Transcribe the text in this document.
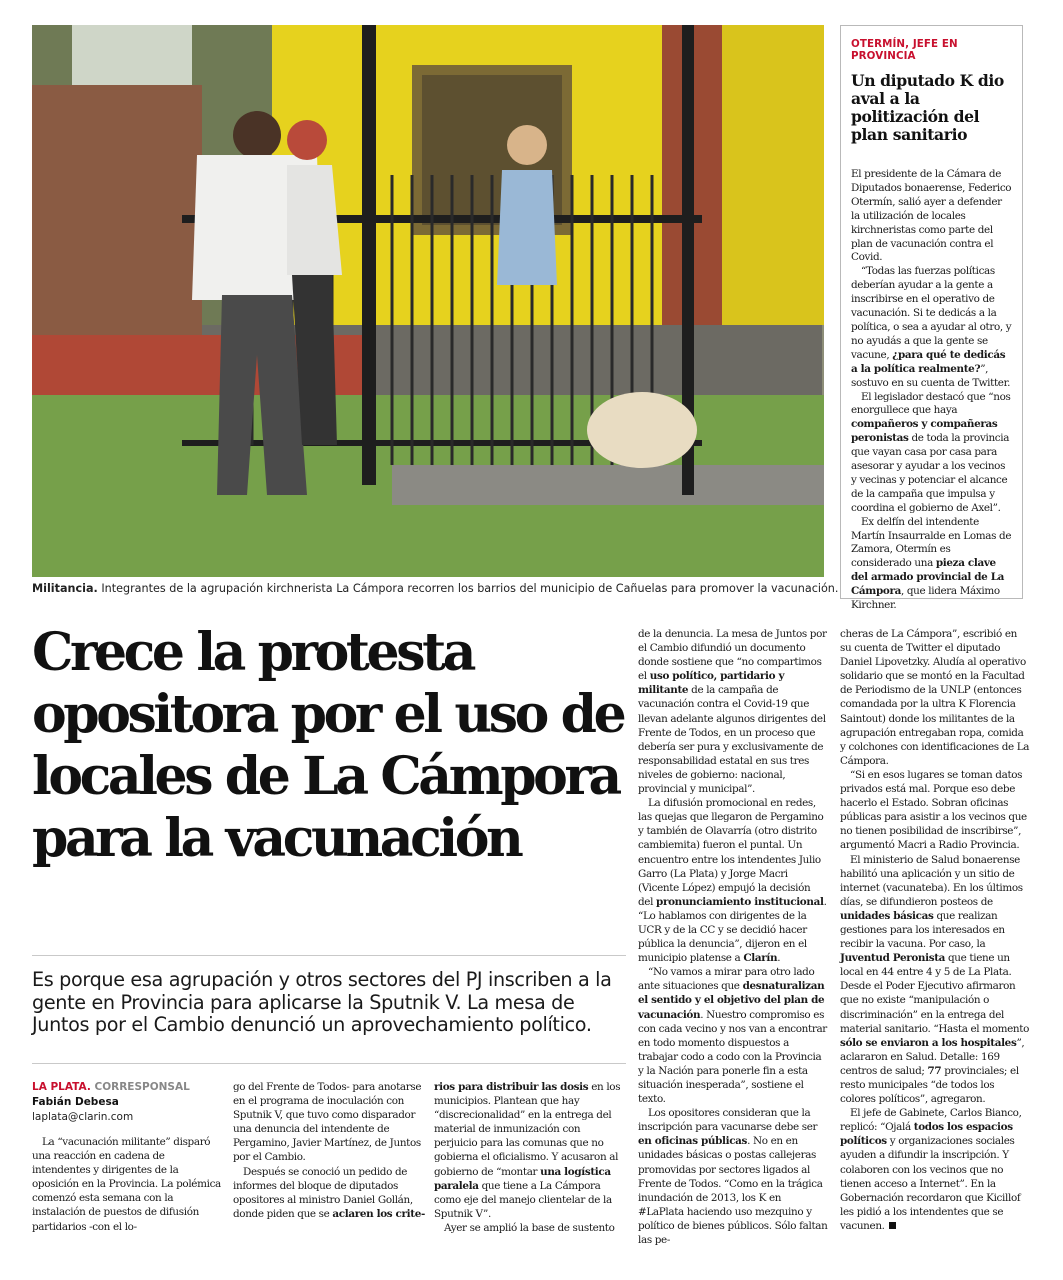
Militancia. Integrantes de la agrupación kirchnerista La Cámpora recorren los barrios del municipio de Cañuelas para promover la vacunación.
OTERMÍN, JEFE EN PROVINCIA
Un diputado K dio aval a la politización del plan sanitario

El presidente de la Cámara de Diputados bonaerense, Federico Otermín, salió ayer a defender la utilización de locales kirchneristas como parte del plan de vacunación contra el Covid.

“Todas las fuerzas políticas deberían ayudar a la gente a inscribirse en el operativo de vacunación. Si te dedicás a la política, o sea a ayudar al otro, y no ayudás a que la gente se vacune, ¿para qué te dedicás a la política realmente?”, sostuvo en su cuenta de Twitter.

El legislador destacó que “nos enorgullece que haya compañeros y compañeras peronistas de toda la provincia que vayan casa por casa para asesorar y ayudar a los vecinos y vecinas y potenciar el alcance de la campaña que impulsa y coordina el gobierno de Axel”.

Ex delfín del intendente Martín Insaurralde en Lomas de Zamora, Otermín es considerado una pieza clave del armado provincial de La Cámpora, que lidera Máximo Kirchner.

Crece la protesta
opositora por el uso de
locales de La Cámpora
para la vacunación
Es porque esa agrupación y otros sectores del PJ inscriben a la gente en Provincia para aplicarse la Sputnik V. La mesa de Juntos por el Cambio denunció un aprovechamiento político.
LA PLATA. CORRESPONSAL
Fabián Debesa
laplata@clarin.com

La “vacunación militante” disparó una reacción en cadena de intendentes y dirigentes de la oposición en la Provincia. La polémica comenzó esta semana con la instalación de puestos de difusión partidarios -con el lo-

go del Frente de Todos- para anotarse en el programa de inoculación con Sputnik V, que tuvo como disparador una denuncia del intendente de Pergamino, Javier Martínez, de Juntos por el Cambio.

Después se conoció un pedido de informes del bloque de diputados opositores al ministro Daniel Gollán, donde piden que se aclaren los crite-

rios para distribuir las dosis en los municipios. Plantean que hay “discrecionalidad” en la entrega del material de inmunización con perjuicio para las comunas que no gobierna el oficialismo. Y acusaron al gobierno de “montar una logística paralela que tiene a La Cámpora como eje del manejo clientelar de la Sputnik V”.

Ayer se amplió la base de sustento

de la denuncia. La mesa de Juntos por el Cambio difundió un documento donde sostiene que “no compartimos el uso político, partidario y militante de la campaña de vacunación contra el Covid-19 que llevan adelante algunos dirigentes del Frente de Todos, en un proceso que debería ser pura y exclusivamente de responsabilidad estatal en sus tres niveles de gobierno: nacional, provincial y municipal”.

La difusión promocional en redes, las quejas que llegaron de Pergamino y también de Olavarría (otro distrito cambiemita) fueron el puntal. Un encuentro entre los intendentes Julio Garro (La Plata) y Jorge Macri (Vicente López) empujó la decisión del pronunciamiento institucional. “Lo hablamos con dirigentes de la UCR y de la CC y se decidió hacer pública la denuncia”, dijeron en el municipio platense a Clarín.

“No vamos a mirar para otro lado ante situaciones que desnaturalizan el sentido y el objetivo del plan de vacunación. Nuestro compromiso es con cada vecino y nos van a encontrar en todo momento dispuestos a trabajar codo a codo con la Provincia y la Nación para ponerle fin a esta situación inesperada”, sostiene el texto.

Los opositores consideran que la inscripción para vacunarse debe ser en oficinas públicas. No en en unidades básicas o postas callejeras promovidas por sectores ligados al Frente de Todos. “Como en la trágica inundación de 2013, los K en #LaPlata haciendo uso mezquino y político de bienes públicos. Sólo faltan las pe-

cheras de La Cámpora”, escribió en su cuenta de Twitter el diputado Daniel Lipovetzky. Aludía al operativo solidario que se montó en la Facultad de Periodismo de la UNLP (entonces comandada por la ultra K Florencia Saintout) donde los militantes de la agrupación entregaban ropa, comida y colchones con identificaciones de La Cámpora.

“Si en esos lugares se toman datos privados está mal. Porque eso debe hacerlo el Estado. Sobran oficinas públicas para asistir a los vecinos que no tienen posibilidad de inscribirse”, argumentó Macri a Radio Provincia.

El ministerio de Salud bonaerense habilitó una aplicación y un sitio de internet (vacunateba). En los últimos días, se difundieron posteos de unidades básicas que realizan gestiones para los interesados en recibir la vacuna. Por caso, la Juventud Peronista que tiene un local en 44 entre 4 y 5 de La Plata. Desde el Poder Ejecutivo afirmaron que no existe “manipulación o discriminación” en la entrega del material sanitario. “Hasta el momento sólo se enviaron a los hospitales”, aclararon en Salud. Detalle: 169 centros de salud; 77 provinciales; el resto municipales “de todos los colores políticos”, agregaron.

El jefe de Gabinete, Carlos Bianco, replicó: “Ojalá todos los espacios políticos y organizaciones sociales ayuden a difundir la inscripción. Y colaboren con los vecinos que no tienen acceso a Internet”. En la Gobernación recordaron que Kicillof les pidió a los intendentes que se vacunen.
